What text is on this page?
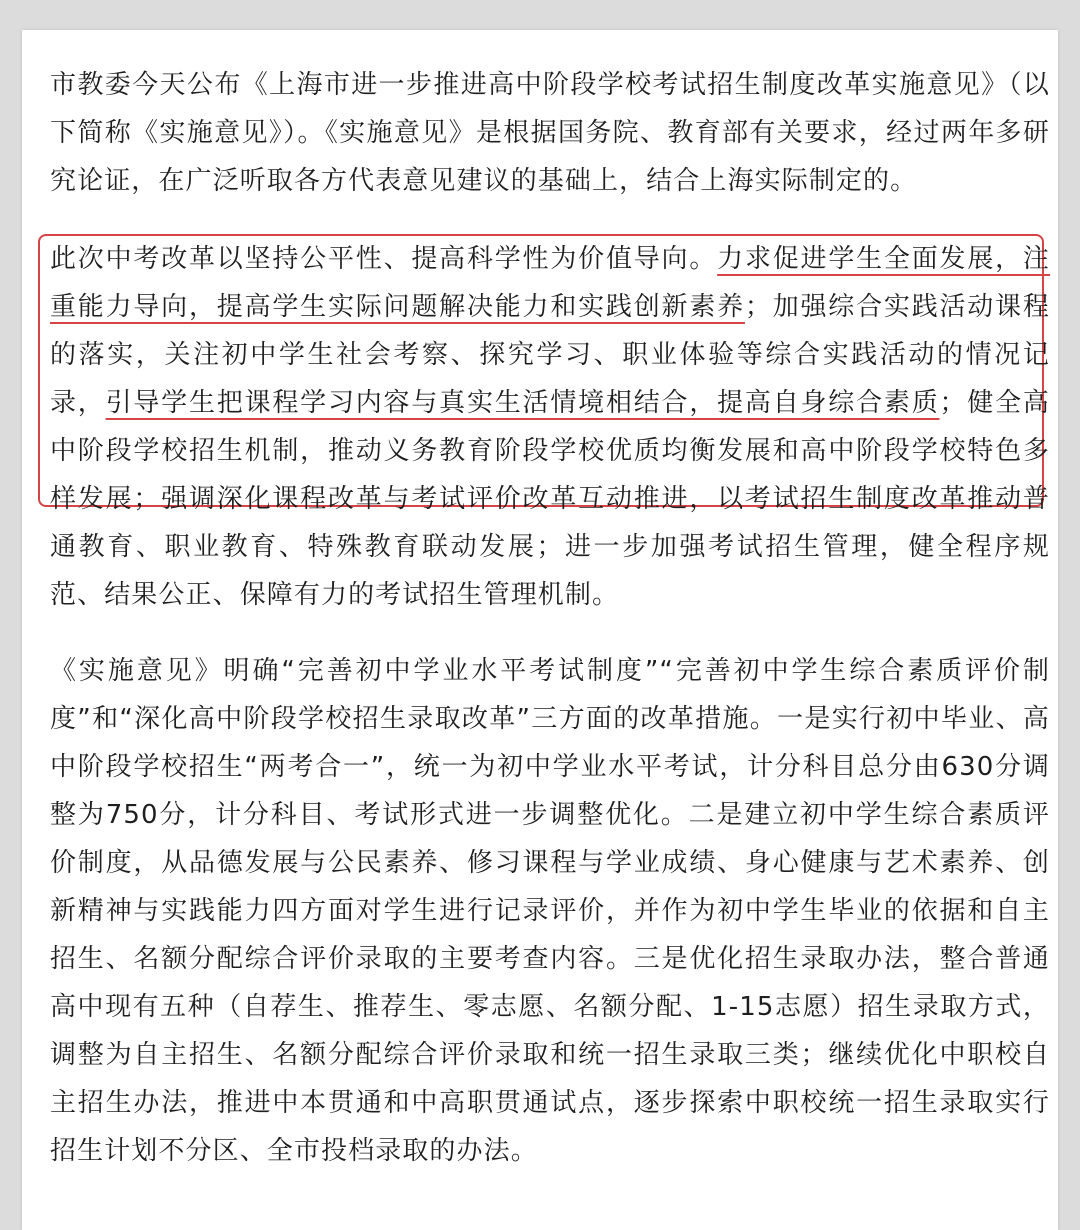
市教委今天公布《上海市进一步推进高中阶段学校考试招生制度改革实施意见》（以下简称《实施意见》）。《实施意见》是根据国务院、教育部有关要求，经过两年多研究论证，在广泛听取各方代表意见建议的基础上，结合上海实际制定的。

此次中考改革以坚持公平性、提高科学性为价值导向。力求促进学生全面发展，注重能力导向，提高学生实际问题解决能力和实践创新素养；加强综合实践活动课程的落实，关注初中学生社会考察、探究学习、职业体验等综合实践活动的情况记录，引导学生把课程学习内容与真实生活情境相结合，提高自身综合素质；健全高中阶段学校招生机制，推动义务教育阶段学校优质均衡发展和高中阶段学校特色多样发展；强调深化课程改革与考试评价改革互动推进，以考试招生制度改革推动普通教育、职业教育、特殊教育联动发展；进一步加强考试招生管理，健全程序规范、结果公正、保障有力的考试招生管理机制。

《实施意见》明确“完善初中学业水平考试制度”“完善初中学生综合素质评价制度”和“深化高中阶段学校招生录取改革”三方面的改革措施。一是实行初中毕业、高中阶段学校招生“两考合一”，统一为初中学业水平考试，计分科目总分由630分调整为750分，计分科目、考试形式进一步调整优化。二是建立初中学生综合素质评价制度，从品德发展与公民素养、修习课程与学业成绩、身心健康与艺术素养、创新精神与实践能力四方面对学生进行记录评价，并作为初中学生毕业的依据和自主招生、名额分配综合评价录取的主要考查内容。三是优化招生录取办法，整合普通高中现有五种（自荐生、推荐生、零志愿、名额分配、1-15志愿）招生录取方式，调整为自主招生、名额分配综合评价录取和统一招生录取三类；继续优化中职校自主招生办法，推进中本贯通和中高职贯通试点，逐步探索中职校统一招生录取实行招生计划不分区、全市投档录取的办法。
